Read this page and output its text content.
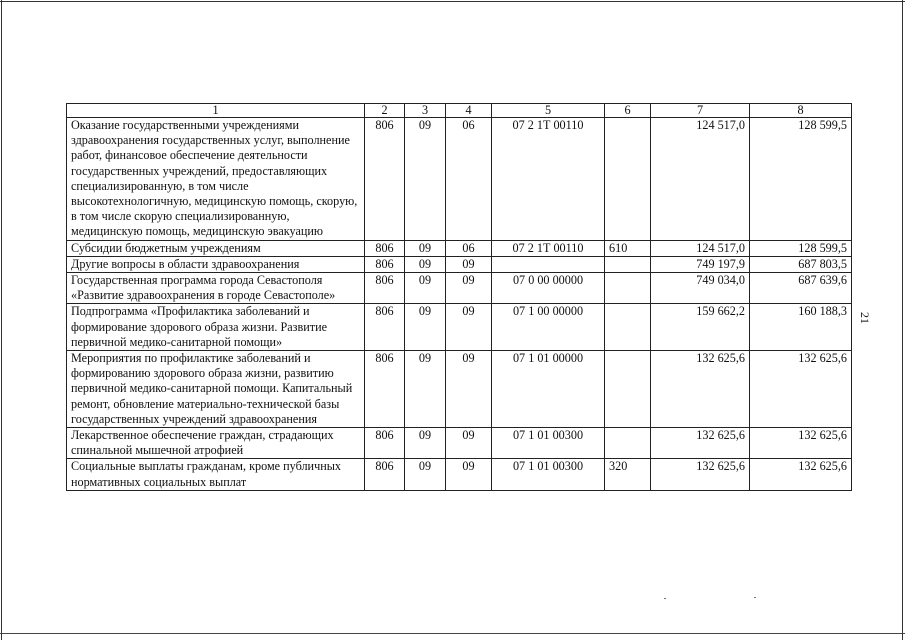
1	2	3	4	5	6	7	8
Оказание государственными учреждениями здравоохранения государственных услуг, выполнение работ, финансовое обеспечение деятельности государственных учреждений, предоставляющих специализированную, в том числе высокотехнологичную, медицинскую помощь, скорую, в том числе скорую специализированную, медицинскую помощь, медицинскую эвакуацию	806	09	06	07 2 1Т 00110		124 517,0	128 599,5
Субсидии бюджетным учреждениям	806	09	06	07 2 1Т 00110	610	124 517,0	128 599,5
Другие вопросы в области здравоохранения	806	09	09			749 197,9	687 803,5
Государственная программа города Севастополя «Развитие здравоохранения в городе Севастополе»	806	09	09	07 0 00 00000		749 034,0	687 639,6
Подпрограмма «Профилактика заболеваний и формирование здорового образа жизни. Развитие первичной медико-санитарной помощи»	806	09	09	07 1 00 00000		159 662,2	160 188,3
Мероприятия по профилактике заболеваний и формированию здорового образа жизни, развитию первичной медико-санитарной помощи. Капитальный ремонт, обновление материально-технической базы государственных учреждений здравоохранения	806	09	09	07 1 01 00000		132 625,6	132 625,6
Лекарственное обеспечение граждан, страдающих спинальной мышечной атрофией	806	09	09	07 1 01 00300		132 625,6	132 625,6
Социальные выплаты гражданам, кроме публичных нормативных социальных выплат	806	09	09	07 1 01 00300	320	132 625,6	132 625,6
21
